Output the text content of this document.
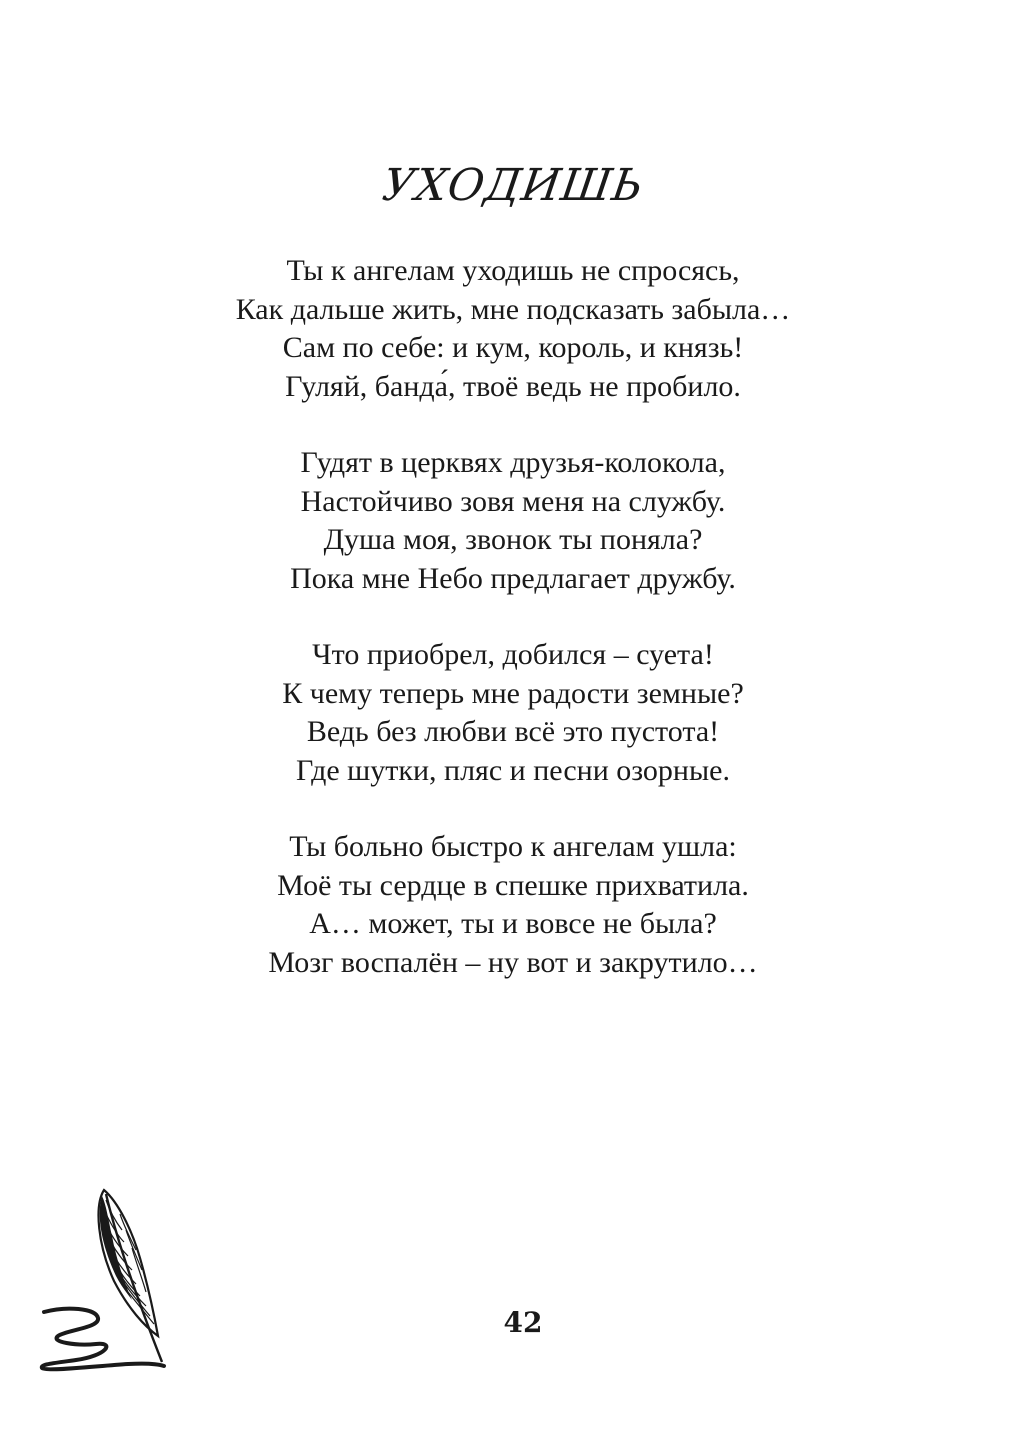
УХОДИШЬ
Ты к ангелам уходишь не спросясь,
Как дальше жить, мне подсказать забыла…
Сам по себе: и кум, король, и князь!
Гуляй, банда́, твоё ведь не пробило.
Гудят в церквях друзья-колокола,
Настойчиво зовя меня на службу.
Душа моя, звонок ты поняла?
Пока мне Небо предлагает дружбу.
Что приобрел, добился – суета!
К чему теперь мне радости земные?
Ведь без любви всё это пустота!
Где шутки, пляс и песни озорные.
Ты больно быстро к ангелам ушла:
Моё ты сердце в спешке прихватила.
А… может, ты и вовсе не была?
Мозг воспалён – ну вот и закрутило…
42
